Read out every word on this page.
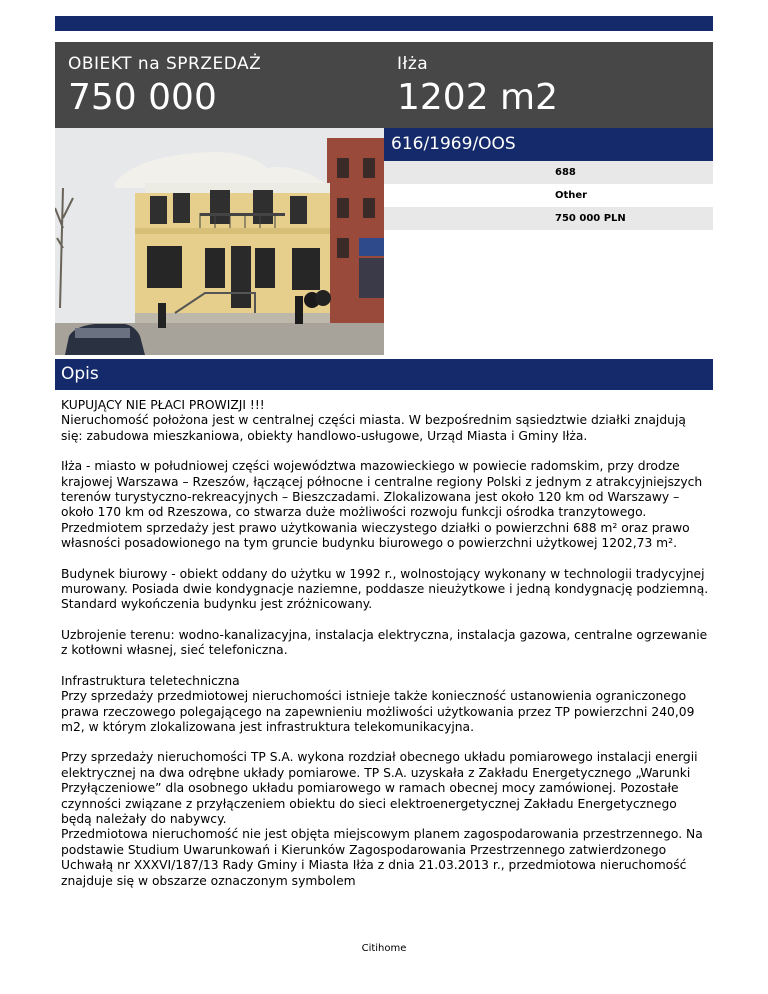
OBIEKT na SPRZEDAŻ
750 000
Iłża
1202 m2
616/1969/OOS
688
Other
750 000 PLN
Opis

KUPUJĄCY NIE PŁACI PROWIZJI !!!
Nieruchomość położona jest w centralnej części miasta. W bezpośrednim sąsiedztwie działki znajdują się: zabudowa mieszkaniowa, obiekty handlowo-usługowe, Urząd Miasta i Gminy Iłża.

Iłża - miasto w południowej części województwa mazowieckiego w powiecie radomskim, przy drodze krajowej Warszawa – Rzeszów, łączącej północne i centralne regiony Polski z jednym z atrakcyjniejszych terenów turystyczno-rekreacyjnych – Bieszczadami. Zlokalizowana jest około 120 km od Warszawy – około 170 km od Rzeszowa, co stwarza duże możliwości rozwoju funkcji ośrodka tranzytowego.
Przedmiotem sprzedaży jest prawo użytkowania wieczystego działki o powierzchni 688 m² oraz prawo własności posadowionego na tym gruncie budynku biurowego o powierzchni użytkowej 1202,73 m².

Budynek biurowy - obiekt oddany do użytku w 1992 r., wolnostojący wykonany w technologii tradycyjnej murowany. Posiada dwie kondygnacje naziemne, poddasze nieużytkowe i jedną kondygnację podziemną. Standard wykończenia budynku jest zróżnicowany.

Uzbrojenie terenu: wodno-kanalizacyjna, instalacja elektryczna, instalacja gazowa, centralne ogrzewanie z kotłowni własnej, sieć telefoniczna.

Infrastruktura teletechniczna
Przy sprzedaży przedmiotowej nieruchomości istnieje także konieczność ustanowienia ograniczonego prawa rzeczowego polegającego na zapewnieniu możliwości użytkowania przez TP powierzchni 240,09 m2, w którym zlokalizowana jest infrastruktura telekomunikacyjna.

Przy sprzedaży nieruchomości TP S.A. wykona rozdział obecnego układu pomiarowego instalacji energii elektrycznej na dwa odrębne układy pomiarowe. TP S.A. uzyskała z Zakładu Energetycznego „Warunki Przyłączeniowe” dla osobnego układu pomiarowego w ramach obecnej mocy zamówionej. Pozostałe czynności związane z przyłączeniem obiektu do sieci elektroenergetycznej Zakładu Energetycznego będą należały do nabywcy.
Przedmiotowa nieruchomość nie jest objęta miejscowym planem zagospodarowania przestrzennego. Na podstawie Studium Uwarunkowań i Kierunków Zagospodarowania Przestrzennego zatwierdzonego Uchwałą nr XXXVI/187/13 Rady Gminy i Miasta Iłża z dnia 21.03.2013 r., przedmiotowa nieruchomość znajduje się w obszarze oznaczonym symbolem

Citihome
